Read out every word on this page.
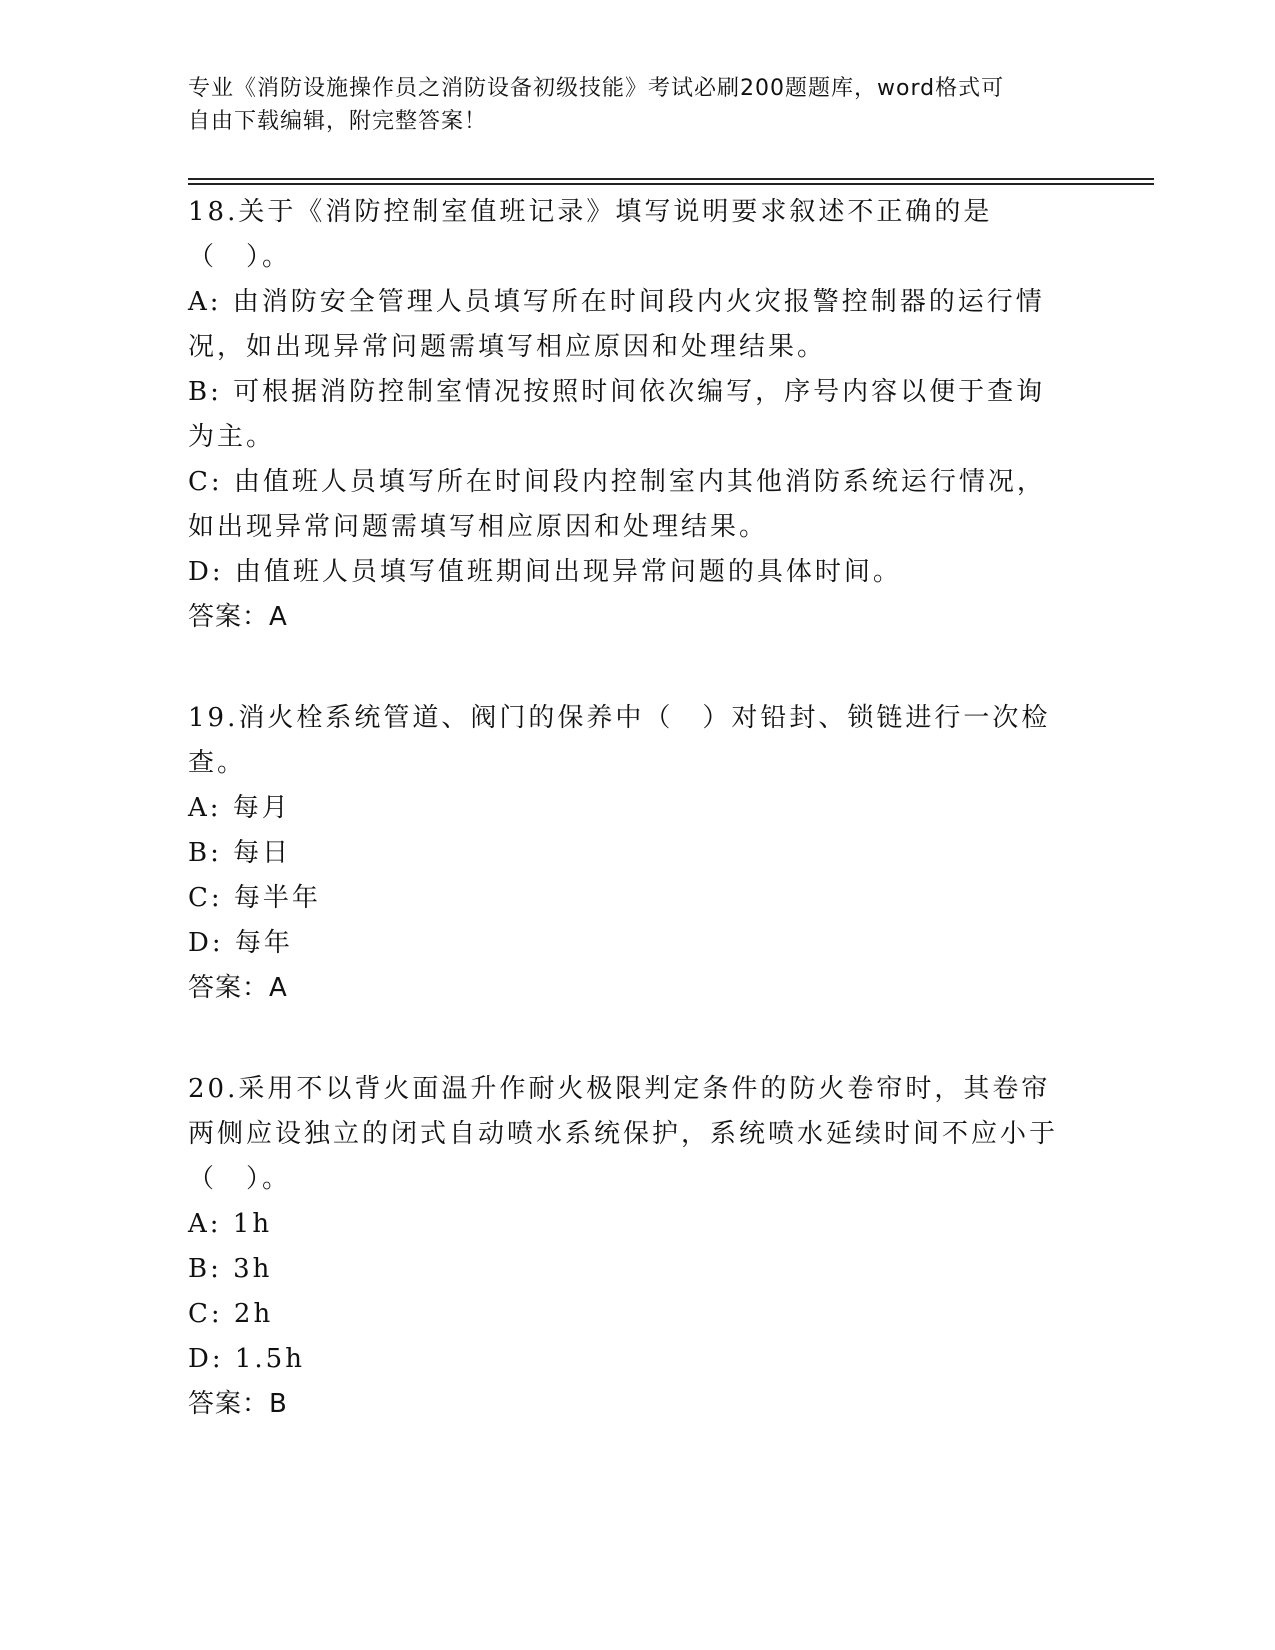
专业《消防设施操作员之消防设备初级技能》考试必刷200题题库，word格式可
自由下载编辑，附完整答案！
18.关于《消防控制室值班记录》填写说明要求叙述不正确的是（　）。
A: 由消防安全管理人员填写所在时间段内火灾报警控制器的运行情况，如出现异常问题需填写相应原因和处理结果。
B: 可根据消防控制室情况按照时间依次编写，序号内容以便于查询为主。
C: 由值班人员填写所在时间段内控制室内其他消防系统运行情况，如出现异常问题需填写相应原因和处理结果。
D: 由值班人员填写值班期间出现异常问题的具体时间。
答案：A
19.消火栓系统管道、阀门的保养中（　）对铅封、锁链进行一次检查。
A: 每月
B: 每日
C: 每半年
D: 每年
答案：A
20.采用不以背火面温升作耐火极限判定条件的防火卷帘时，其卷帘两侧应设独立的闭式自动喷水系统保护，系统喷水延续时间不应小于（　）。
A: 1h
B: 3h
C: 2h
D: 1.5h
答案：B
